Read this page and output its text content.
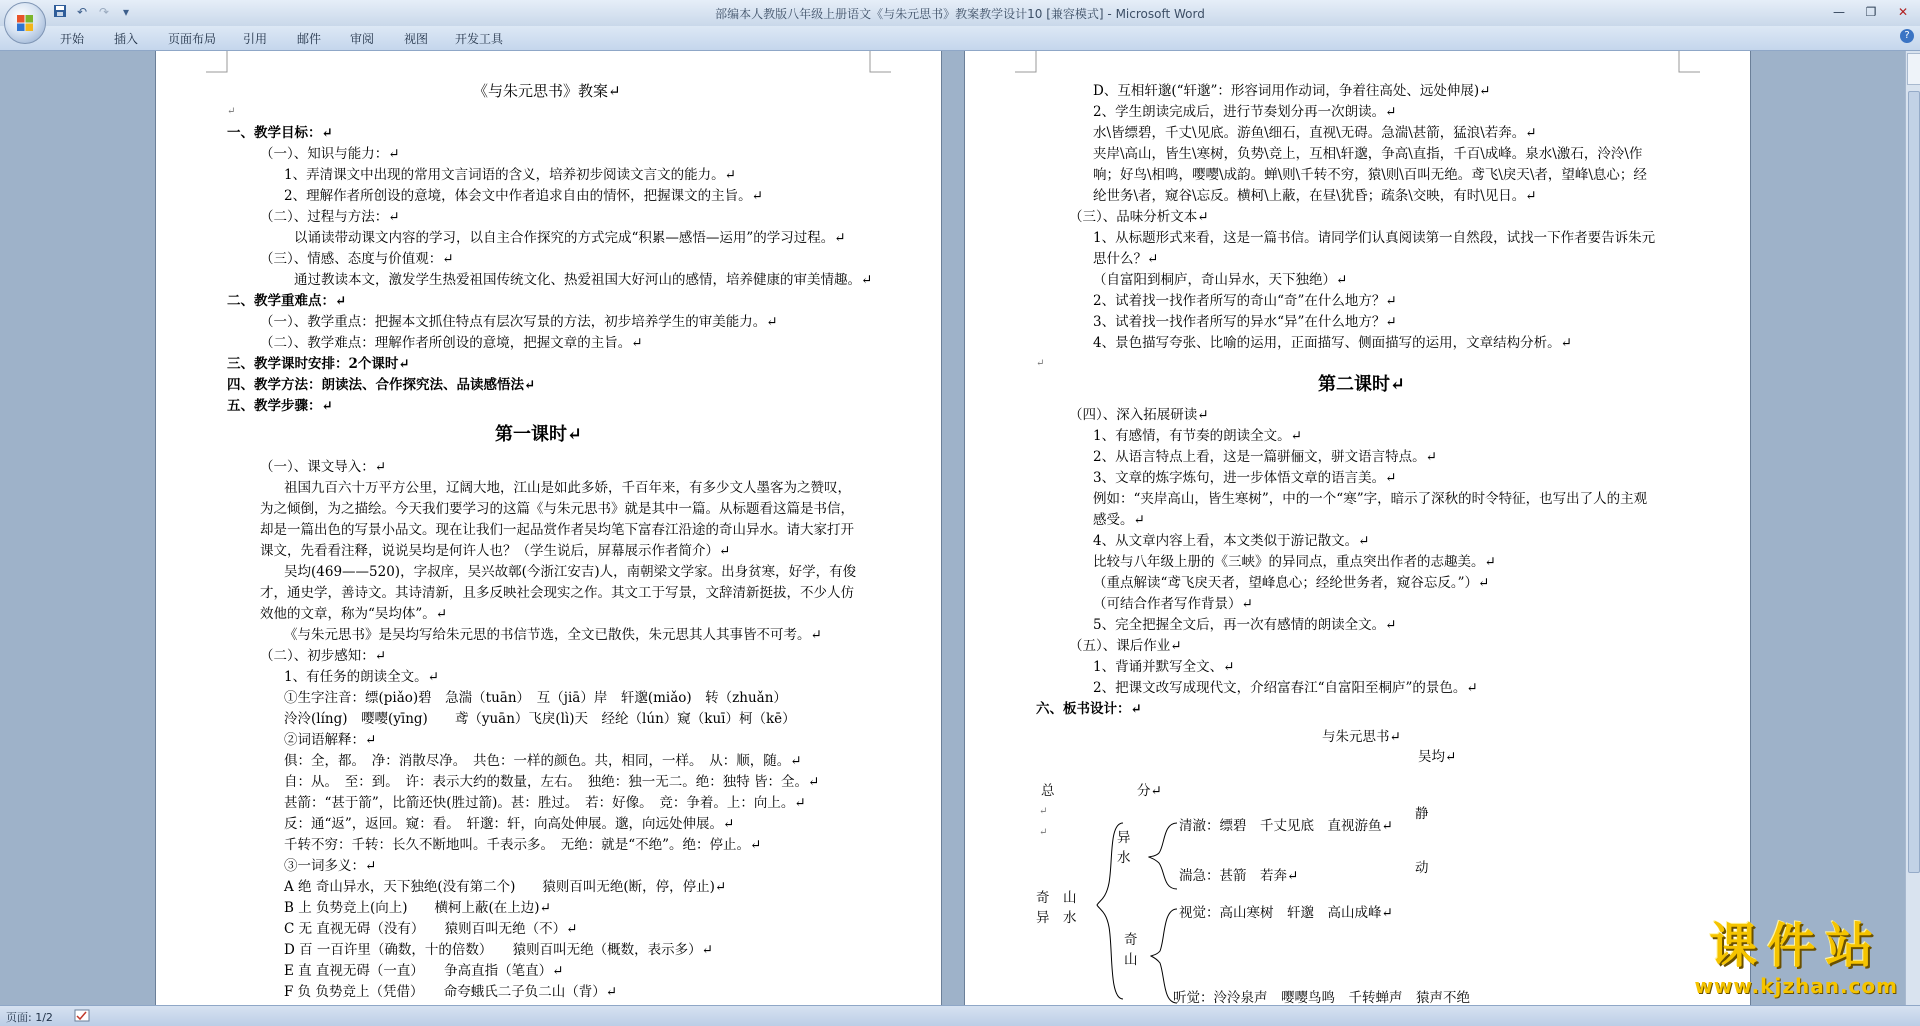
↶ ↷	▾	部编本人教版八年级上册语文《与朱元思书》教案教学设计10 [兼容模式] - Microsoft Word	—	❐	✕
开始 插入 页面布局 引用 邮件 审阅 视图 开发工具	?
《与朱元思书》教案↵
↵
一、教学目标：↵
（一）、知识与能力：↵
1、弄清课文中出现的常用文言词语的含义，培养初步阅读文言文的能力。↵
2、理解作者所创设的意境，体会文中作者追求自由的情怀，把握课文的主旨。↵
（二）、过程与方法：↵
以诵读带动课文内容的学习，以自主合作探究的方式完成“积累—感悟—运用”的学习过程。↵
（三）、情感、态度与价值观：↵
通过教读本文，激发学生热爱祖国传统文化、热爱祖国大好河山的感情，培养健康的审美情趣。↵
二、教学重难点：↵
（一）、教学重点：把握本文抓住特点有层次写景的方法，初步培养学生的审美能力。↵
（二）、教学难点：理解作者所创设的意境，把握文章的主旨。↵
三、教学课时安排：2个课时↵
四、教学方法：朗读法、合作探究法、品读感悟法↵
五、教学步骤：↵
第一课时↵
（一）、课文导入：↵
祖国九百六十万平方公里，辽阔大地，江山是如此多娇，千百年来，有多少文人墨客为之赞叹，
为之倾倒，为之描绘。今天我们要学习的这篇《与朱元思书》就是其中一篇。从标题看这篇是书信，
却是一篇出色的写景小品文。现在让我们一起品赏作者吴均笔下富春江沿途的奇山异水。请大家打开
课文，先看看注释，说说吴均是何许人也？（学生说后，屏幕展示作者简介）↵
吴均(469——520)，字叔庠，吴兴故鄣(今浙江安吉)人，南朝梁文学家。出身贫寒，好学，有俊
才，通史学，善诗文。其诗清新，且多反映社会现实之作。其文工于写景，文辞清新挺拔，不少人仿
效他的文章，称为“吴均体”。↵
《与朱元思书》是吴均写给朱元思的书信节选，全文已散佚，朱元思其人其事皆不可考。↵
（二）、初步感知：↵
1、有任务的朗读全文。↵
①生字注音：缥(piǎo)碧　急湍（tuān）　互（jiā）岸　轩邈(miǎo)　转（zhuǎn）
泠泠(líng)　嘤嘤(yīng)　　鸢（yuān）飞戾(lì)天　经纶（lún）窥（kuī）柯（kē）
②词语解释：↵
俱：全，都。　净：消散尽净。　共色：一样的颜色。共，相同，一样。　从：顺，随。↵
自：从。　至：到。　许：表示大约的数量，左右。　独绝：独一无二。绝：独特 皆：全。↵
甚箭：“甚于箭”，比箭还快(胜过箭)。甚：胜过。　若：好像。　竞：争着。上：向上。↵
反：通“返”，返回。窥：看。　轩邈：轩，向高处伸展。邈，向远处伸展。↵
千转不穷：千转：长久不断地叫。千表示多。　无绝：就是“不绝”。绝：停止。↵
③一词多义：↵
A 绝 奇山异水，天下独绝(没有第二个)　　猿则百叫无绝(断，停，停止)↵
B 上 负势竞上(向上)　　横柯上蔽(在上边)↵
C 无 直视无碍（没有）　　猿则百叫无绝（不）↵
D 百 一百许里（确数，十的倍数）　　猿则百叫无绝（概数，表示多）↵
E 直 直视无碍（一直）　　争高直指（笔直）↵
F 负 负势竞上（凭借）　　命夸蛾氏二子负二山（背）↵
D、互相轩邈(“轩邈”：形容词用作动词，争着往高处、远处伸展)↵
2、学生朗读完成后，进行节奏划分再一次朗读。↵
水\皆缥碧，千丈\见底。游鱼\细石，直视\无碍。急湍\甚箭，猛浪\若奔。↵
夹岸\高山，皆生\寒树，负势\竞上，互相\轩邈，争高\直指，千百\成峰。泉水\激石，泠泠\作
响；好鸟\相鸣，嘤嘤\成韵。蝉\则\千转不穷，猿\则\百叫无绝。鸢飞\戾天\者，望峰\息心；经
纶世务\者，窥谷\忘反。横柯\上蔽，在昼\犹昏；疏条\交映，有时\见日。↵
（三）、品味分析文本↵
1、从标题形式来看，这是一篇书信。请同学们认真阅读第一自然段，试找一下作者要告诉朱元
思什么？↵
（自富阳到桐庐，奇山异水，天下独绝）↵
2、试着找一找作者所写的奇山“奇”在什么地方？↵
3、试着找一找作者所写的异水“异”在什么地方？↵
4、景色描写夸张、比喻的运用，正面描写、侧面描写的运用，文章结构分析。↵
↵
第二课时↵
（四）、深入拓展研读↵
1、有感情，有节奏的朗读全文。↵
2、从语言特点上看，这是一篇骈俪文，骈文语言特点。↵
3、文章的炼字炼句，进一步体悟文章的语言美。↵
例如：“夹岸高山，皆生寒树”，中的一个“寒”字，暗示了深秋的时令特征，也写出了人的主观
感受。↵
4、从文章内容上看，本文类似于游记散文。↵
比较与八年级上册的《三峡》的异同点，重点突出作者的志趣美。↵
（重点解读“鸢飞戾天者，望峰息心；经纶世务者，窥谷忘反。”）↵
（可结合作者写作背景）↵
5、完全把握全文后，再一次有感情的朗读全文。↵
（五）、课后作业↵
1、背诵并默写全文、↵
2、把课文改写成现代文，介绍富春江“自富阳至桐庐”的景色。↵
六、板书设计：↵
与朱元思书↵
吴均↵
总	分↵
↵
↵	异
水
清澈：缥碧　千丈见底　直视游鱼↵
静
动
湍急：甚箭　若奔↵
奇　山
异　水	视觉：高山寒树　轩邈　高山成峰↵
奇
山
听觉：泠泠泉声　嘤嘤鸟鸣　千转蝉声　猿声不绝
页面: 1/2
课件站
www.kjzhan.com
